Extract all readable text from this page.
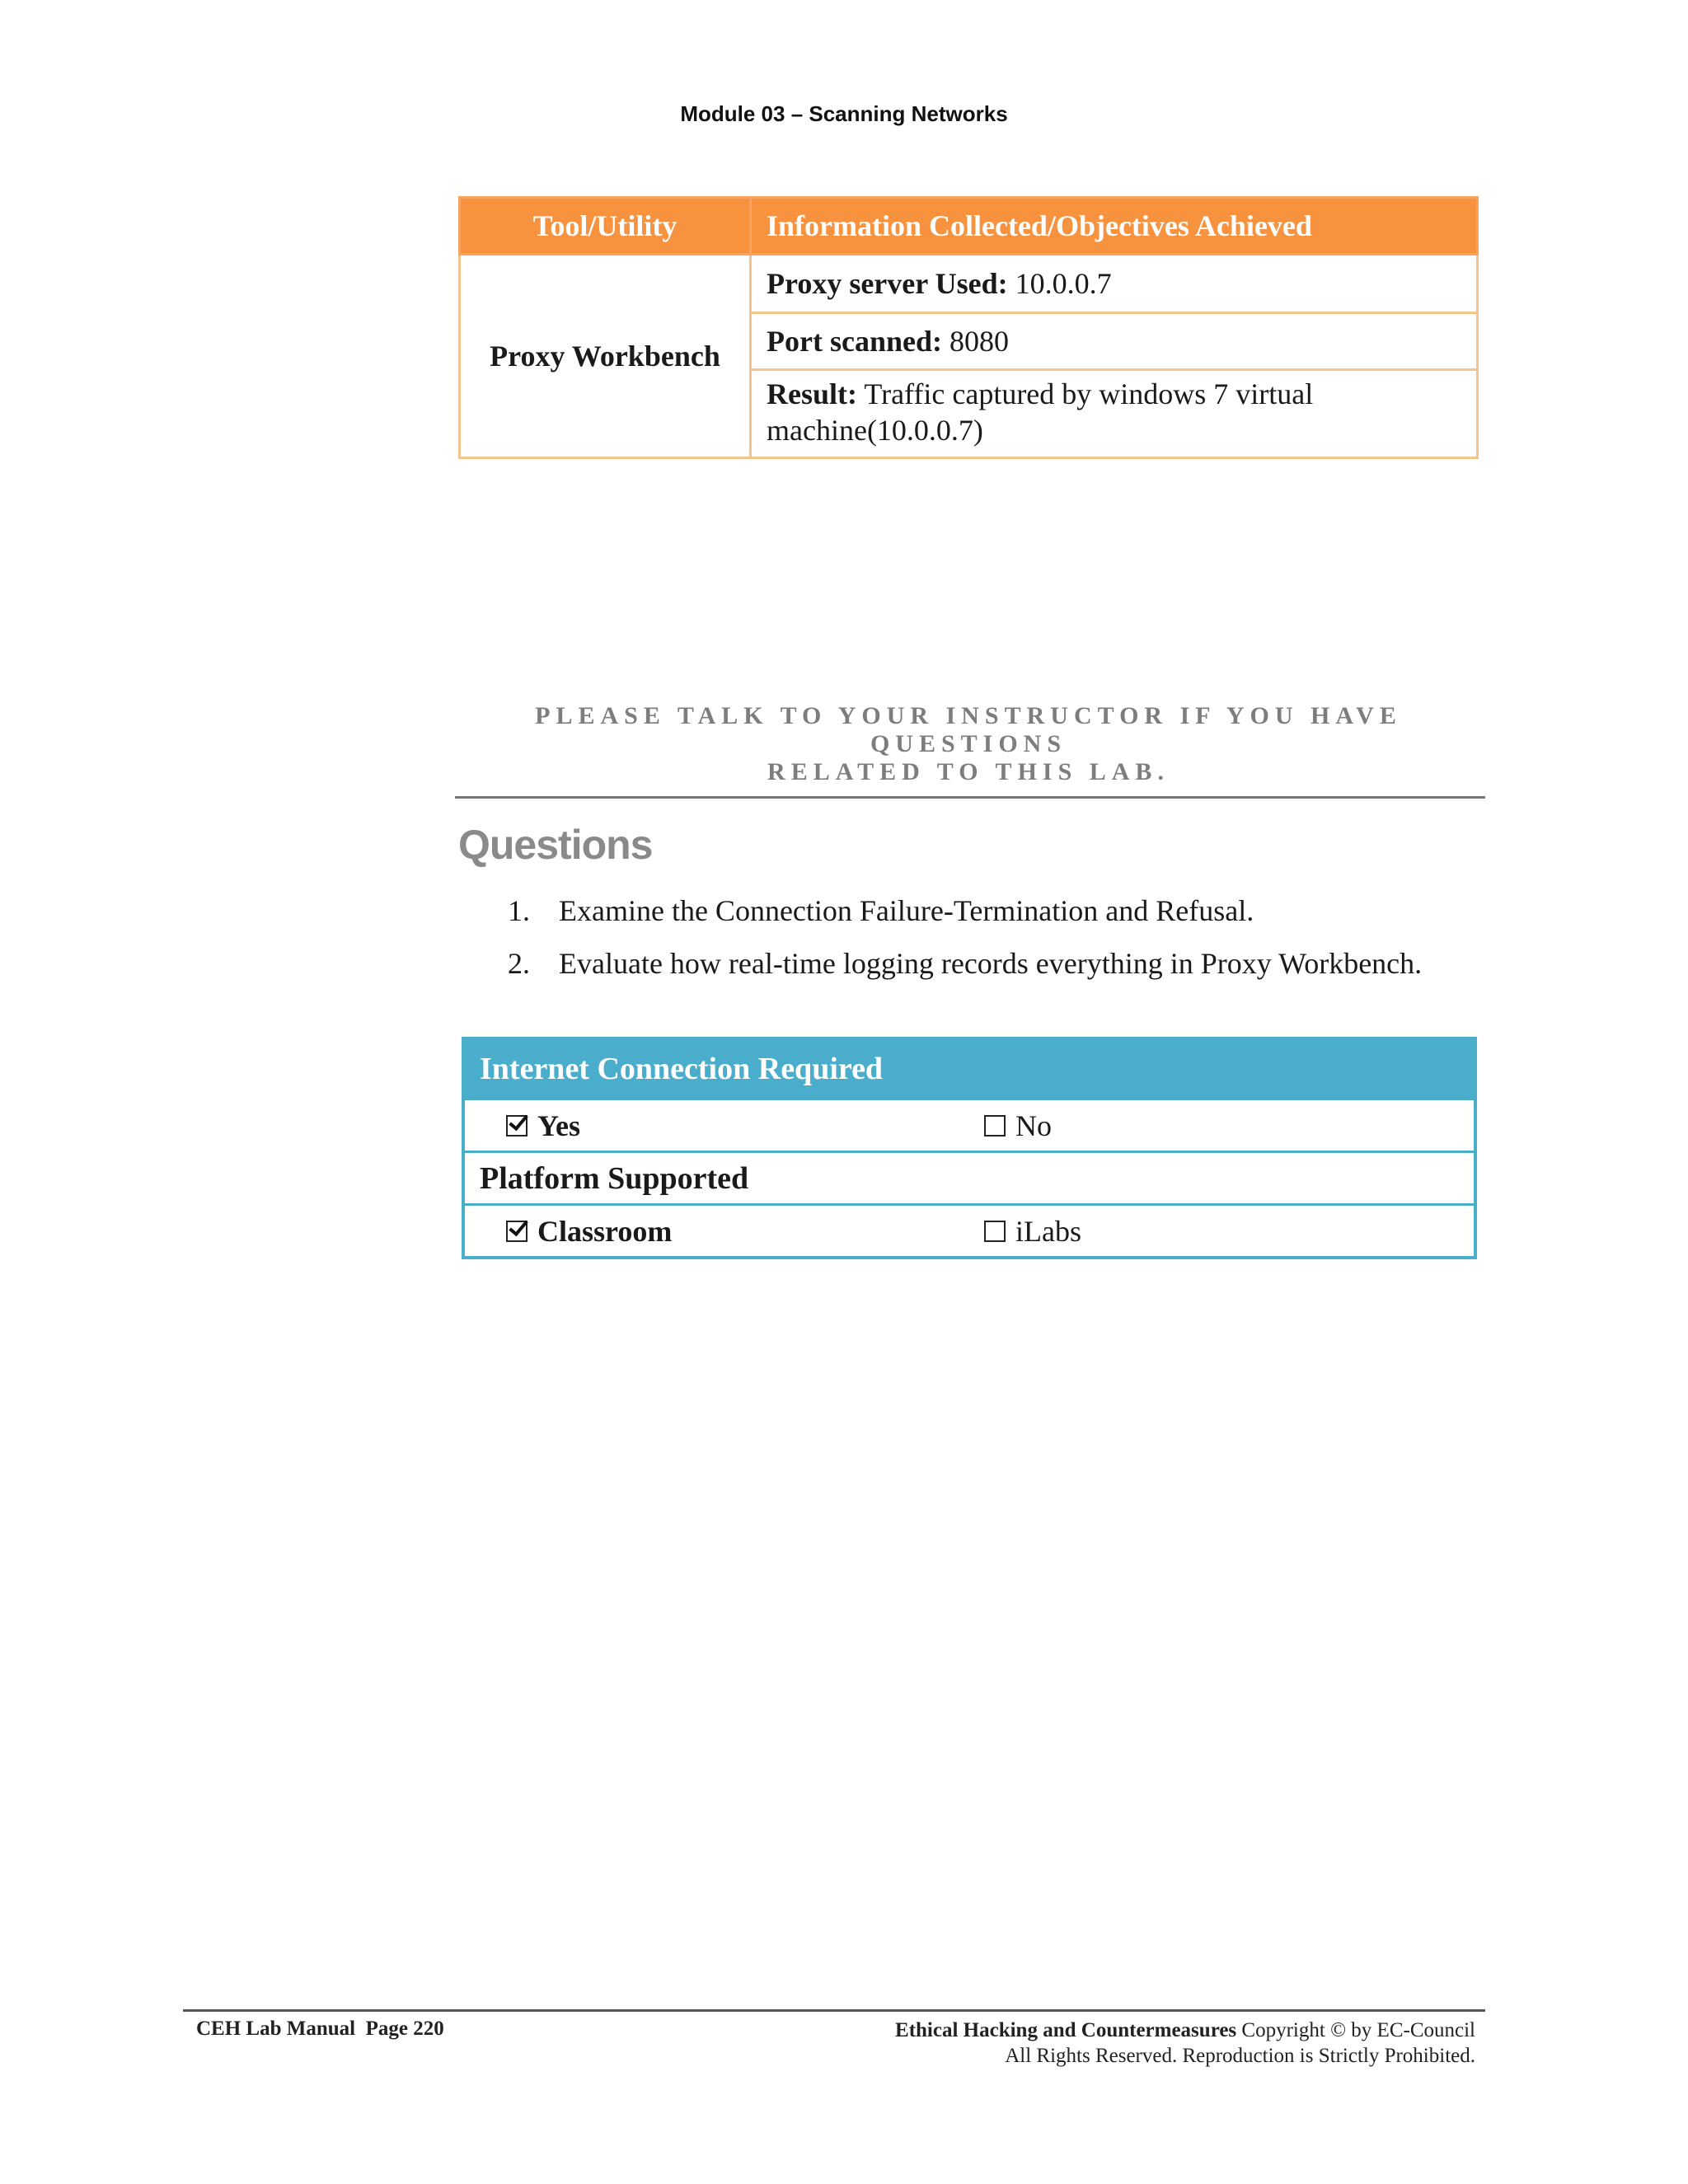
Module 03 – Scanning Networks
Tool/Utility	Information Collected/Objectives Achieved
Proxy Workbench	Proxy server Used: 10.0.0.7
	Port scanned: 8080
	Result: Traffic captured by windows 7 virtual machine(10.0.0.7)
PLEASE TALK TO YOUR INSTRUCTOR IF YOU HAVE QUESTIONS
RELATED TO THIS LAB.
Questions
1. Examine the Connection Failure-Termination and Refusal.
2. Evaluate how real-time logging records everything in Proxy Workbench.
Internet Connection Required
Yes	No
Platform Supported
Classroom	iLabs
CEH Lab Manual Page 220	Ethical Hacking and Countermeasures Copyright © by EC-Council
All Rights Reserved. Reproduction is Strictly Prohibited.
